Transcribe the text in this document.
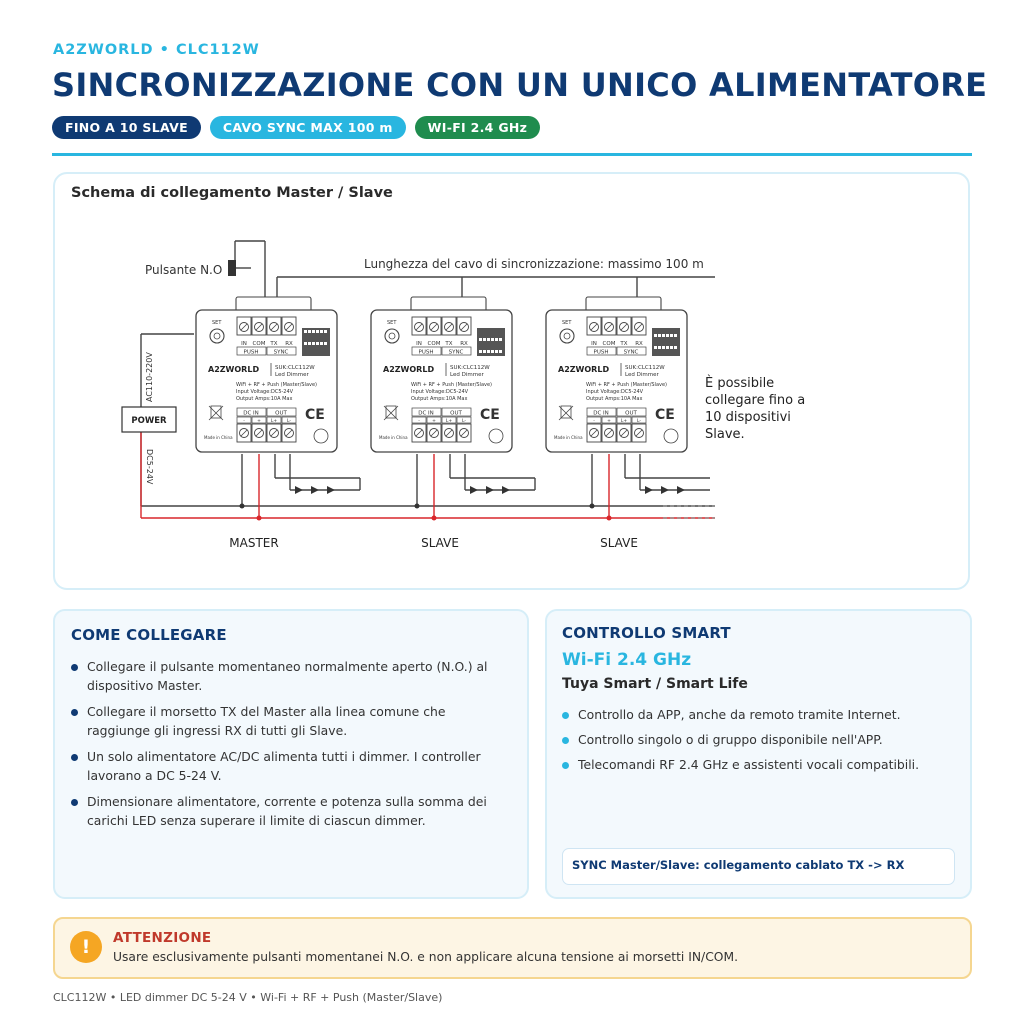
A2ZWORLD • CLC112W
SINCRONIZZAZIONE CON UN UNICO ALIMENTATORE
FINO A 10 SLAVE	CAVO SYNC MAX 100 m	WI-FI 2.4 GHz
Schema di collegamento Master / Slave
Pulsante N.O	Lunghezza del cavo di sincronizzazione: massimo 100 m
POWER
AC110-220V
DC5-24V
È possibile
collegare fino a
10 dispositivi
Slave.
MASTER	SLAVE	SLAVE
SET
IN COM TX RX
PUSH	SYNC
A2ZWORLD	SUK:CLC112W
Led Dimmer
WiFi + RF + Push (Master/Slave)
Input Voltage:DC5-24V
Output Amps:10A Max
CE
Made in China
DC IN	OUT
-	+ L+ L-
SET
IN COM TX RX
PUSH	SYNC
A2ZWORLD	SUK:CLC112W
Led Dimmer
WiFi + RF + Push (Master/Slave)
Input Voltage:DC5-24V
Output Amps:10A Max
CE
Made in China
DC IN	OUT
-	+ L+ L-
SET
IN COM TX RX
PUSH	SYNC
A2ZWORLD	SUK:CLC112W
Led Dimmer
WiFi + RF + Push (Master/Slave)
Input Voltage:DC5-24V
Output Amps:10A Max
CE
Made in China
DC IN	OUT
-	+ L+ L-
COME COLLEGARE
Collegare il pulsante momentaneo normalmente aperto (N.O.) al dispositivo Master.
Collegare il morsetto TX del Master alla linea comune che raggiunge gli ingressi RX di tutti gli Slave.
Un solo alimentatore AC/DC alimenta tutti i dimmer. I controller lavorano a DC 5-24 V.
Dimensionare alimentatore, corrente e potenza sulla somma dei carichi LED senza superare il limite di ciascun dimmer.
CONTROLLO SMART
Wi-Fi 2.4 GHz
Tuya Smart / Smart Life
Controllo da APP, anche da remoto tramite Internet.
Controllo singolo o di gruppo disponibile nell'APP.
Telecomandi RF 2.4 GHz e assistenti vocali compatibili.
SYNC Master/Slave: collegamento cablato TX -> RX
!	ATTENZIONE
Usare esclusivamente pulsanti momentanei N.O. e non applicare alcuna tensione ai morsetti IN/COM.
CLC112W • LED dimmer DC 5-24 V • Wi-Fi + RF + Push (Master/Slave)
